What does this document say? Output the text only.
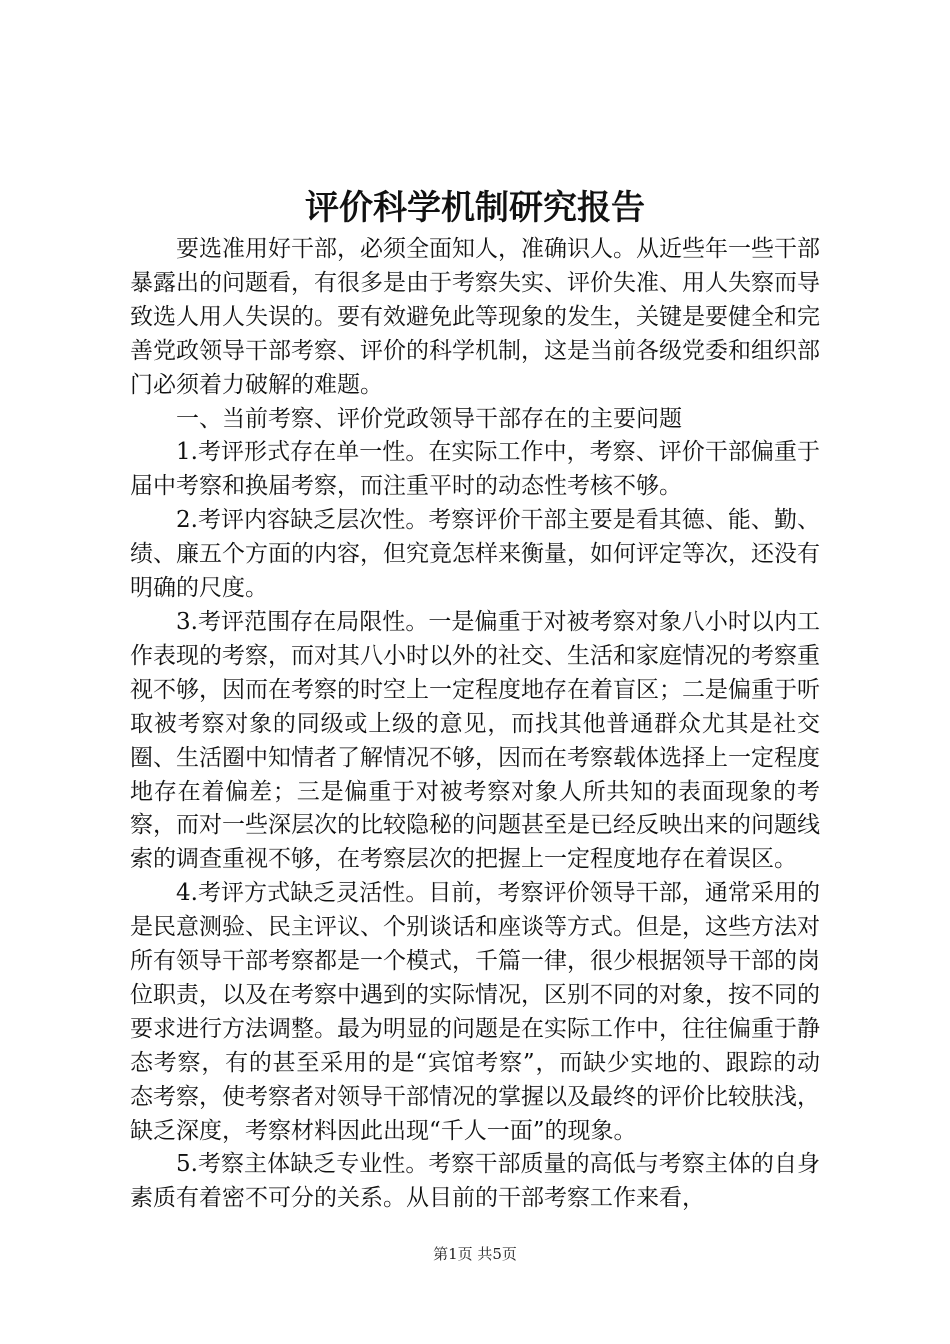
评价科学机制研究报告

要选准用好干部，必须全面知人，准确识人。从近些年一些干部暴露出的问题看，有很多是由于考察失实、评价失准、用人失察而导致选人用人失误的。要有效避免此等现象的发生，关键是要健全和完善党政领导干部考察、评价的科学机制，这是当前各级党委和组织部门必须着力破解的难题。

一、当前考察、评价党政领导干部存在的主要问题

1.考评形式存在单一性。在实际工作中，考察、评价干部偏重于届中考察和换届考察，而注重平时的动态性考核不够。

2.考评内容缺乏层次性。考察评价干部主要是看其德、能、勤、绩、廉五个方面的内容，但究竟怎样来衡量，如何评定等次，还没有明确的尺度。

3.考评范围存在局限性。一是偏重于对被考察对象八小时以内工作表现的考察，而对其八小时以外的社交、生活和家庭情况的考察重视不够，因而在考察的时空上一定程度地存在着盲区；二是偏重于听取被考察对象的同级或上级的意见，而找其他普通群众尤其是社交圈、生活圈中知情者了解情况不够，因而在考察载体选择上一定程度地存在着偏差；三是偏重于对被考察对象人所共知的表面现象的考察，而对一些深层次的比较隐秘的问题甚至是已经反映出来的问题线索的调查重视不够，在考察层次的把握上一定程度地存在着误区。

4.考评方式缺乏灵活性。目前，考察评价领导干部，通常采用的是民意测验、民主评议、个别谈话和座谈等方式。但是，这些方法对所有领导干部考察都是一个模式，千篇一律，很少根据领导干部的岗位职责，以及在考察中遇到的实际情况，区别不同的对象，按不同的要求进行方法调整。最为明显的问题是在实际工作中，往往偏重于静态考察，有的甚至采用的是“宾馆考察”，而缺少实地的、跟踪的动态考察，使考察者对领导干部情况的掌握以及最终的评价比较肤浅，缺乏深度，考察材料因此出现“千人一面”的现象。

5.考察主体缺乏专业性。考察干部质量的高低与考察主体的自身素质有着密不可分的关系。从目前的干部考察工作来看，

第1页 共5页
